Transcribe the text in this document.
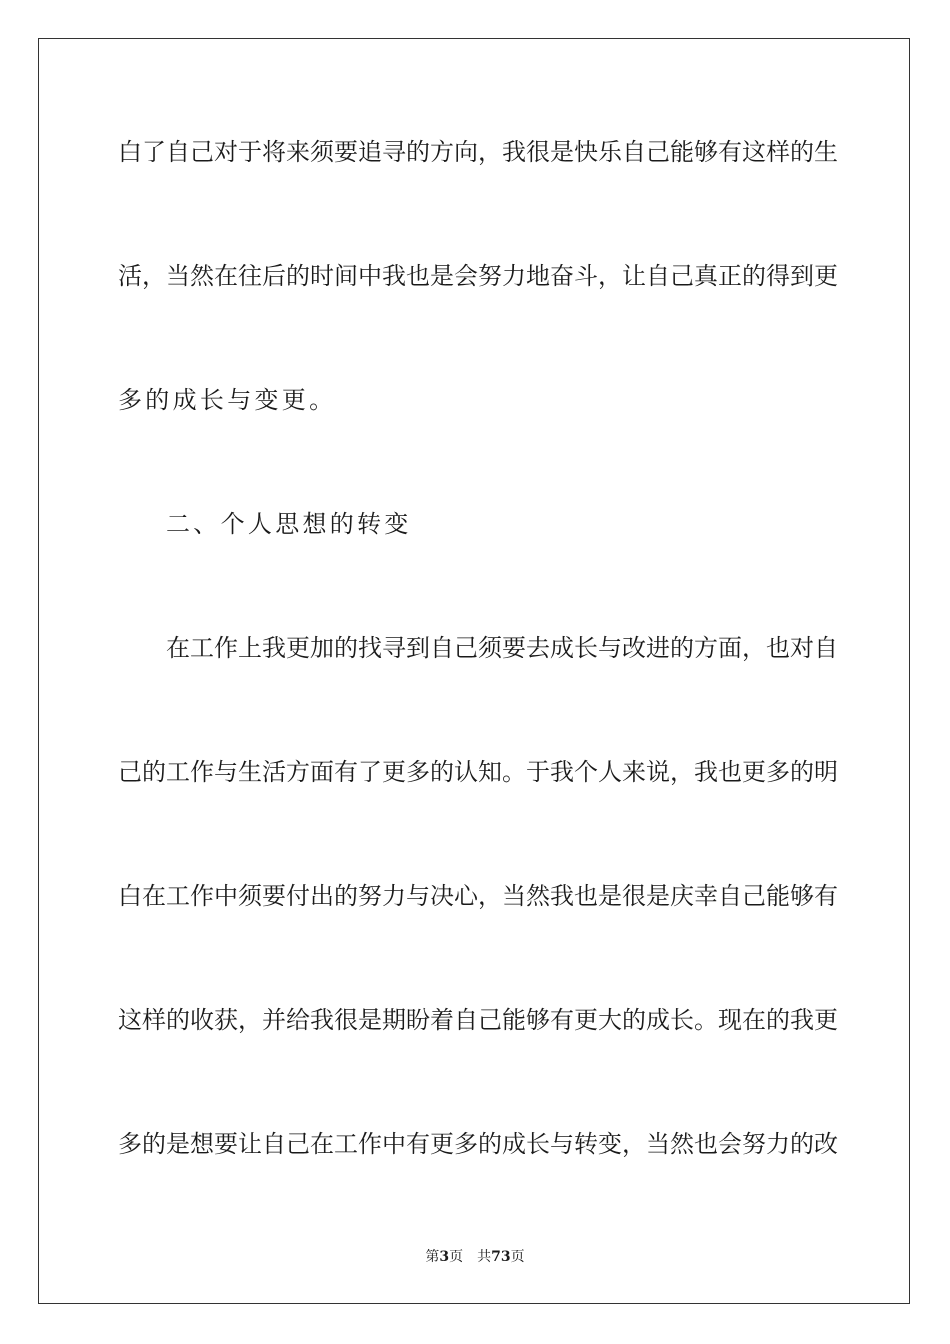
白了自己对于将来须要追寻的方向，我很是快乐自己能够有这样的生
活，当然在往后的时间中我也是会努力地奋斗，让自己真正的得到更
多的成长与变更。
二、个人思想的转变
在工作上我更加的找寻到自己须要去成长与改进的方面，也对自
己的工作与生活方面有了更多的认知。于我个人来说，我也更多的明
白在工作中须要付出的努力与决心，当然我也是很是庆幸自己能够有
这样的收获，并给我很是期盼着自己能够有更大的成长。现在的我更
多的是想要让自己在工作中有更多的成长与转变，当然也会努力的改
第3页 共73页
